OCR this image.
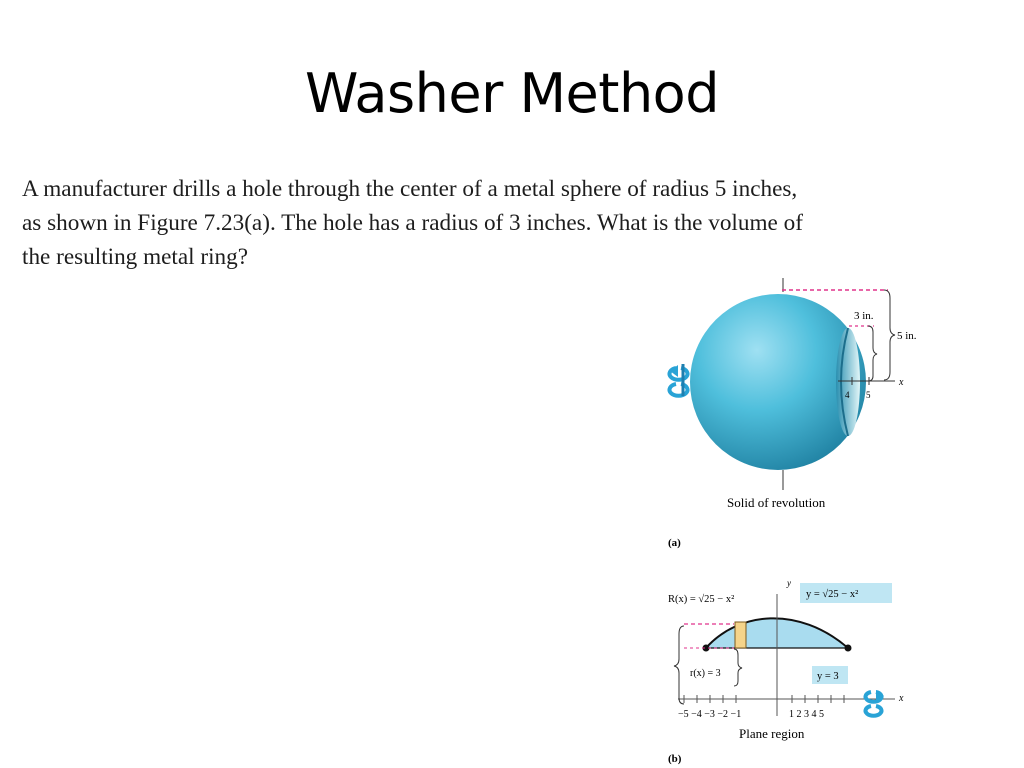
Washer Method
A manufacturer drills a hole through the center of a metal sphere of radius 5 inches,
as shown in Figure 7.23(a). The hole has a radius of 3 inches. What is the volume of
the resulting metal ring?
x
4 5
3 in.
5 in.
Solid of revolution
(a)
y
x
−5 −4 −3 −2 −1	1 2 3 4 5
R(x) = √25 − x²	y = √25 − x²
r(x) = 3	y = 3
Plane region
(b)
